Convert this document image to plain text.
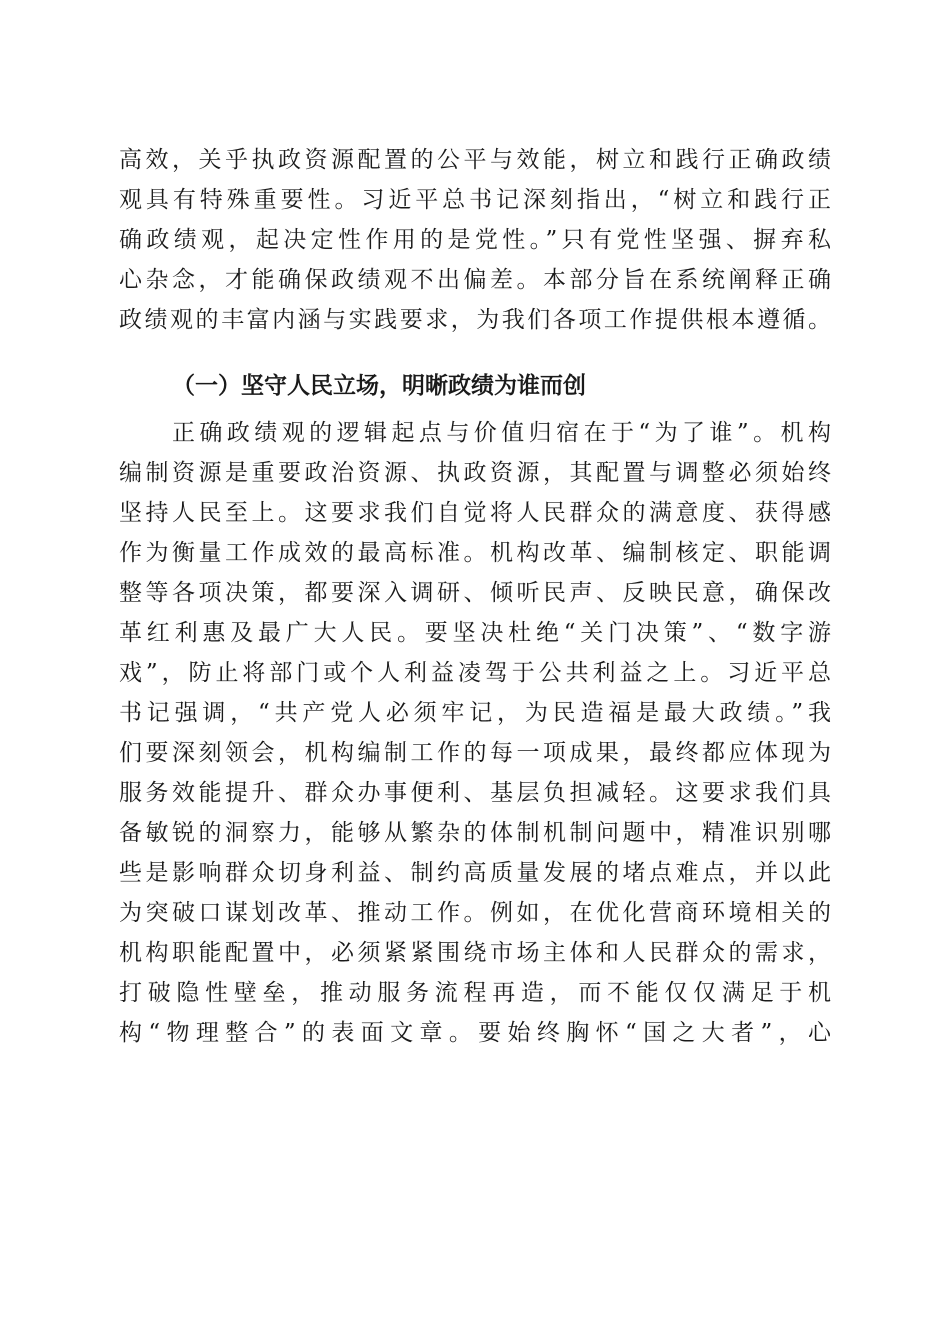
高效，关乎执政资源配置的公平与效能，树立和践行正确政绩
观具有特殊重要性。习近平总书记深刻指出，“树立和践行正
确政绩观，起决定性作用的是党性。”只有党性坚强、摒弃私
心杂念，才能确保政绩观不出偏差。本部分旨在系统阐释正确
政绩观的丰富内涵与实践要求，为我们各项工作提供根本遵循。
（一）坚守人民立场，明晰政绩为谁而创
正确政绩观的逻辑起点与价值归宿在于“为了谁”。机构
编制资源是重要政治资源、执政资源，其配置与调整必须始终
坚持人民至上。这要求我们自觉将人民群众的满意度、获得感
作为衡量工作成效的最高标准。机构改革、编制核定、职能调
整等各项决策，都要深入调研、倾听民声、反映民意，确保改
革红利惠及最广大人民。要坚决杜绝“关门决策”、“数字游
戏”，防止将部门或个人利益凌驾于公共利益之上。习近平总
书记强调，“共产党人必须牢记，为民造福是最大政绩。”我
们要深刻领会，机构编制工作的每一项成果，最终都应体现为
服务效能提升、群众办事便利、基层负担减轻。这要求我们具
备敏锐的洞察力，能够从繁杂的体制机制问题中，精准识别哪
些是影响群众切身利益、制约高质量发展的堵点难点，并以此
为突破口谋划改革、推动工作。例如，在优化营商环境相关的
机构职能配置中，必须紧紧围绕市场主体和人民群众的需求，
打破隐性壁垒，推动服务流程再造，而不能仅仅满足于机
构“物理整合”的表面文章。要始终胸怀“国之大者”，心
